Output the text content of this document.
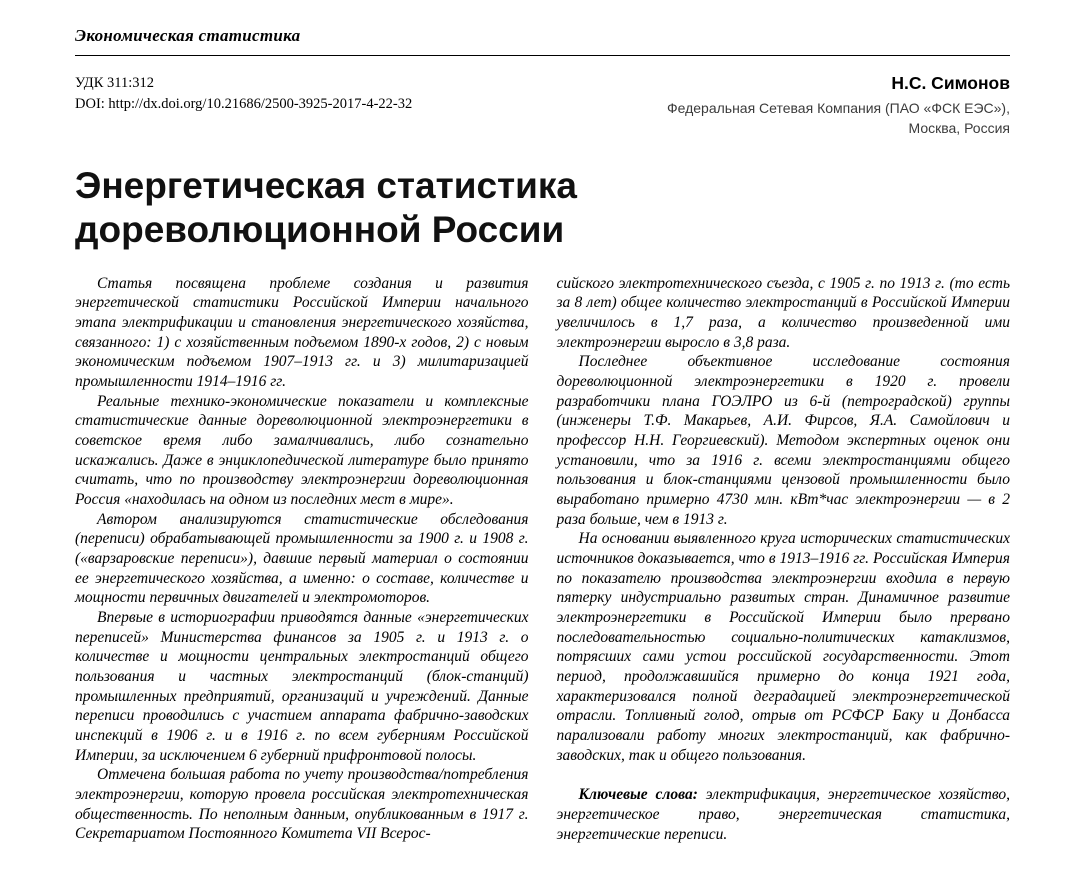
Экономическая статистика
УДК 311:312
DOI: http://dx.doi.org/10.21686/2500-3925-2017-4-22-32
Н.С. Симонов
Федеральная Сетевая Компания (ПАО «ФСК ЕЭС»),
Москва, Россия
Энергетическая статистика
дореволюционной России

Статья посвящена проблеме создания и развития энергетической статистики Российской Империи начального этапа электрификации и становления энергетического хозяйства, связанного: 1) с хозяйственным подъемом 1890-х годов, 2) с новым экономическим подъемом 1907–1913 гг. и 3) милитаризацией промышленности 1914–1916 гг.

Реальные технико-экономические показатели и комплексные статистические данные дореволюционной электроэнергетики в советское время либо замалчивались, либо сознательно искажались. Даже в энциклопедической литературе было принято считать, что по производству электроэнергии дореволюционная Россия «находилась на одном из последних мест в мире».

Автором анализируются статистические обследования (переписи) обрабатывающей промышленности за 1900 г. и 1908 г. («варзаровские переписи»), давшие первый материал о состоянии ее энергетического хозяйства, а именно: о составе, количестве и мощности первичных двигателей и электромоторов.

Впервые в историографии приводятся данные «энергетических переписей» Министерства финансов за 1905 г. и 1913 г. о количестве и мощности центральных электростанций общего пользования и частных электростанций (блок-станций) промышленных предприятий, организаций и учреждений. Данные переписи проводились с участием аппарата фабрично-заводских инспекций в 1906 г. и в 1916 г. по всем губерниям Российской Империи, за исключением 6 губерний прифронтовой полосы.

Отмечена большая работа по учету производства/потребления электроэнергии, которую провела российская электротехническая общественность. По неполным данным, опубликованным в 1917 г. Секретариатом Постоянного Комитета VII Всерос-

сийского электротехнического съезда, с 1905 г. по 1913 г. (то есть за 8 лет) общее количество электростанций в Российской Империи увеличилось в 1,7 раза, а количество произведенной ими электроэнергии выросло в 3,8 раза.

Последнее объективное исследование состояния дореволюционной электроэнергетики в 1920 г. провели разработчики плана ГОЭЛРО из 6-й (петроградской) группы (инженеры Т.Ф. Макарьев, А.И. Фирсов, Я.А. Самойлович и профессор Н.Н. Георгиевский). Методом экспертных оценок они установили, что за 1916 г. всеми электростанциями общего пользования и блок-станциями цензовой промышленности было выработано примерно 4730 млн. кВт*час электроэнергии — в 2 раза больше, чем в 1913 г.

На основании выявленного круга исторических статистических источников доказывается, что в 1913–1916 гг. Российская Империя по показателю производства электроэнергии входила в первую пятерку индустриально развитых стран. Динамичное развитие электроэнергетики в Российской Империи было прервано последовательностью социально-политических катаклизмов, потрясших сами устои российской государственности. Этот период, продолжавшийся примерно до конца 1921 года, характеризовался полной деградацией электроэнергетической отрасли. Топливный голод, отрыв от РСФСР Баку и Донбасса парализовали работу многих электростанций, как фабрично-заводских, так и общего пользования.

Ключевые слова: электрификация, энергетическое хозяйство, энергетическое право, энергетическая статистика, энергетические переписи.
